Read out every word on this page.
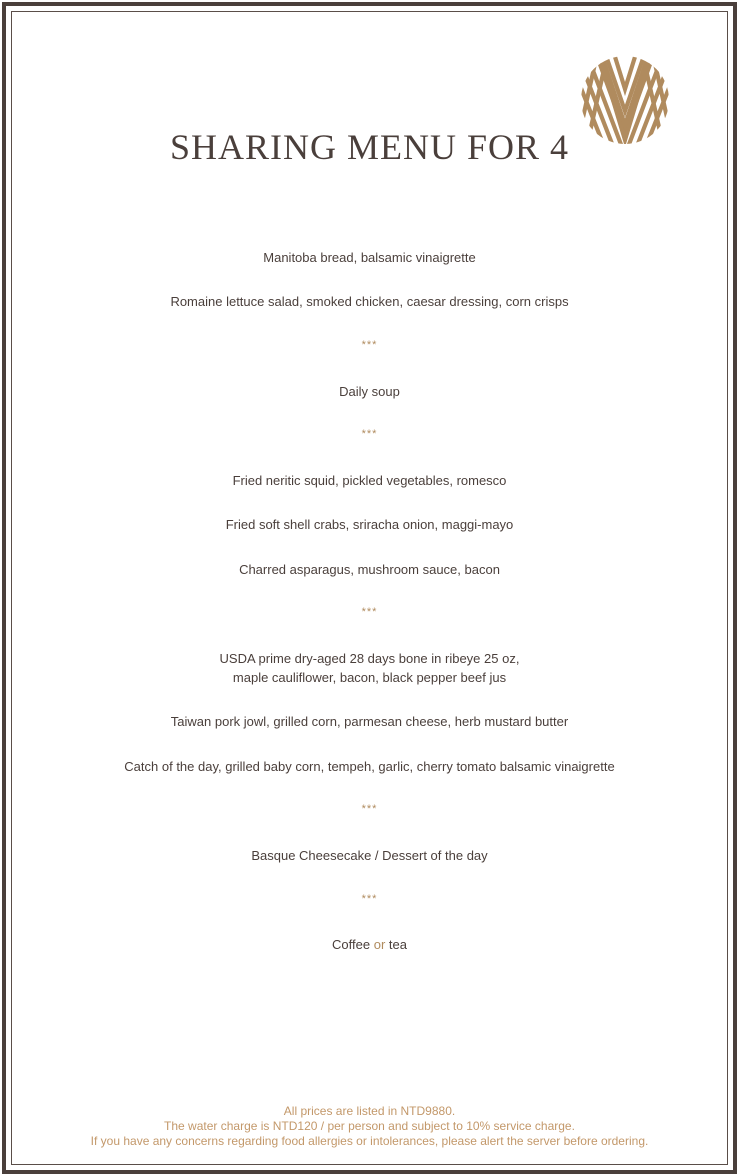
SHARING MENU FOR 4
Manitoba bread, balsamic vinaigrette
Romaine lettuce salad, smoked chicken, caesar dressing, corn crisps
***
Daily soup
***
Fried neritic squid, pickled vegetables, romesco
Fried soft shell crabs, sriracha onion, maggi-mayo
Charred asparagus, mushroom sauce, bacon
***
USDA prime dry-aged 28 days bone in ribeye 25 oz,
maple cauliflower, bacon, black pepper beef jus
Taiwan pork jowl, grilled corn, parmesan cheese, herb mustard butter
Catch of the day, grilled baby corn, tempeh, garlic, cherry tomato balsamic vinaigrette
***
Basque Cheesecake / Dessert of the day
***
Coffee or tea
All prices are listed in NTD9880.
The water charge is NTD120 / per person and subject to 10% service charge.
If you have any concerns regarding food allergies or intolerances, please alert the server before ordering.
